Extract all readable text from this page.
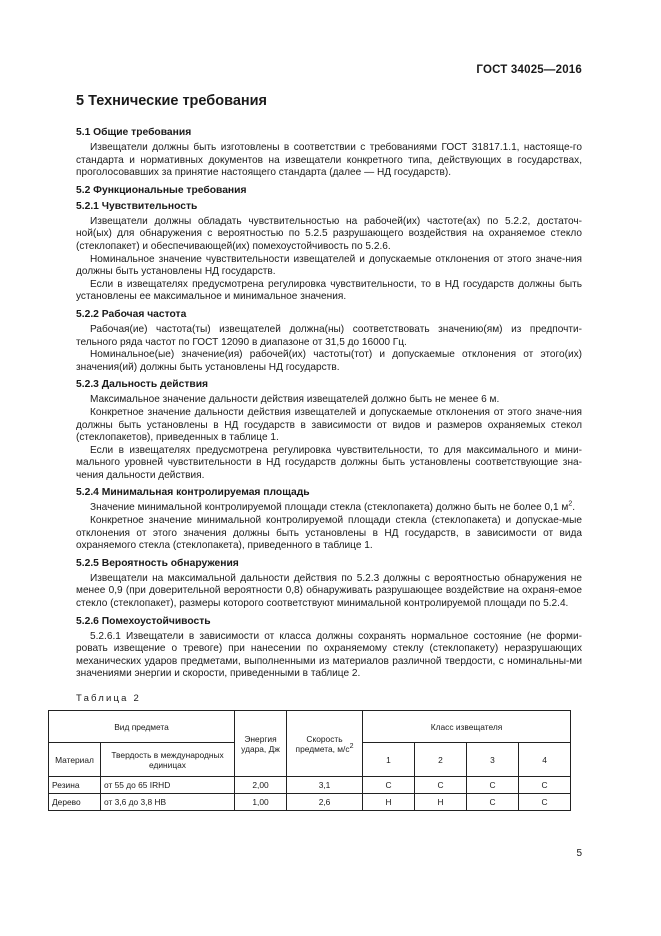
ГОСТ 34025—2016
5 Технические требования
5.1 Общие требования

Извещатели должны быть изготовлены в соответствии с требованиями ГОСТ 31817.1.1, настояще-го стандарта и нормативных документов на извещатели конкретного типа, действующих в государствах, проголосовавших за принятие настоящего стандарта (далее — НД государств).

5.2 Функциональные требования
5.2.1 Чувствительность

Извещатели должны обладать чувствительностью на рабочей(их) частоте(ах) по 5.2.2, достаточ-ной(ых) для обнаружения с вероятностью по 5.2.5 разрушающего воздействия на охраняемое стекло (стеклопакет) и обеспечивающей(их) помехоустойчивость по 5.2.6.

Номинальное значение чувствительности извещателей и допускаемые отклонения от этого значе-ния должны быть установлены НД государств.

Если в извещателях предусмотрена регулировка чувствительности, то в НД государств должны быть установлены ее максимальное и минимальное значения.

5.2.2 Рабочая частота

Рабочая(ие) частота(ты) извещателей должна(ны) соответствовать значению(ям) из предпочти-тельного ряда частот по ГОСТ 12090 в диапазоне от 31,5 до 16000 Гц.

Номинальное(ые) значение(ия) рабочей(их) частоты(тот) и допускаемые отклонения от этого(их) значения(ий) должны быть установлены НД государств.

5.2.3 Дальность действия

Максимальное значение дальности действия извещателей должно быть не менее 6 м.

Конкретное значение дальности действия извещателей и допускаемые отклонения от этого значе-ния должны быть установлены в НД государств в зависимости от видов и размеров охраняемых стекол (стеклопакетов), приведенных в таблице 1.

Если в извещателях предусмотрена регулировка чувствительности, то для максимального и мини-мального уровней чувствительности в НД государств должны быть установлены соответствующие зна-чения дальности действия.

5.2.4 Минимальная контролируемая площадь

Значение минимальной контролируемой площади стекла (стеклопакета) должно быть не более 0,1 $м^2$.

Конкретное значение минимальной контролируемой площади стекла (стеклопакета) и допускае-мые отклонения от этого значения должны быть установлены в НД государств, в зависимости от вида охраняемого стекла (стеклопакета), приведенного в таблице 1.

5.2.5 Вероятность обнаружения

Извещатели на максимальной дальности действия по 5.2.3 должны с вероятностью обнаружения не менее 0,9 (при доверительной вероятности 0,8) обнаруживать разрушающее воздействие на охраня-емое стекло (стеклопакет), размеры которого соответствуют минимальной контролируемой площади по 5.2.4.

5.2.6 Помехоустойчивость

5.2.6.1 Извещатели в зависимости от класса должны сохранять нормальное состояние (не форми-ровать извещение о тревоге) при нанесении по охраняемому стеклу (стеклопакету) неразрушающих механических ударов предметами, выполненными из материалов различной твердости, с номинальны-ми значениями энергии и скорости, приведенными в таблице 2.

Таблица 2
Вид предмета		Энергия удара, Дж	Скорость предмета, $м/с^2$	Класс извещателя			
Материал	Твердость в международных единицах			1	2	3	4
Резина	от 55 до 65 IRHD	2,00	3,1	С	С	С	С
Дерево	от 3,6 до 3,8 HB	1,00	2,6	Н	Н	С	С
5
